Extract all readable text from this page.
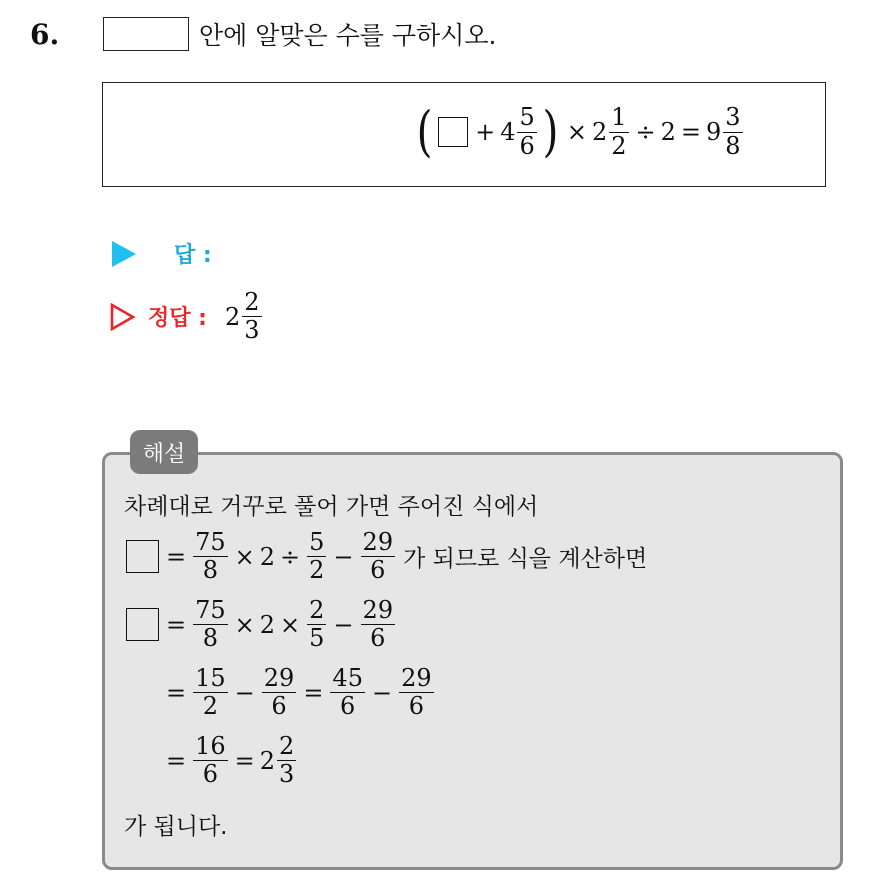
6.	안에 알맞은 수를 구하시오.
( + $4 \frac{5}{6}$ ) × $2 \frac{1}{2} \div 2 = 9 \frac{3}{8}$
답 :
정답 : $2 \frac{2}{3}$
해설
차례대로 거꾸로 풀어 가면 주어진 식에서
= $\frac{75}{8} \times 2 \div \frac{5}{2} - \frac{29}{6}$ 가 되므로 식을 계산하면
= $\frac{75}{8} \times 2 \times \frac{2}{5} - \frac{29}{6}$
= $\frac{15}{2} - \frac{29}{6} = \frac{45}{6} - \frac{29}{6}$
= $\frac{16}{6} = 2 \frac{2}{3}$
가 됩니다.
